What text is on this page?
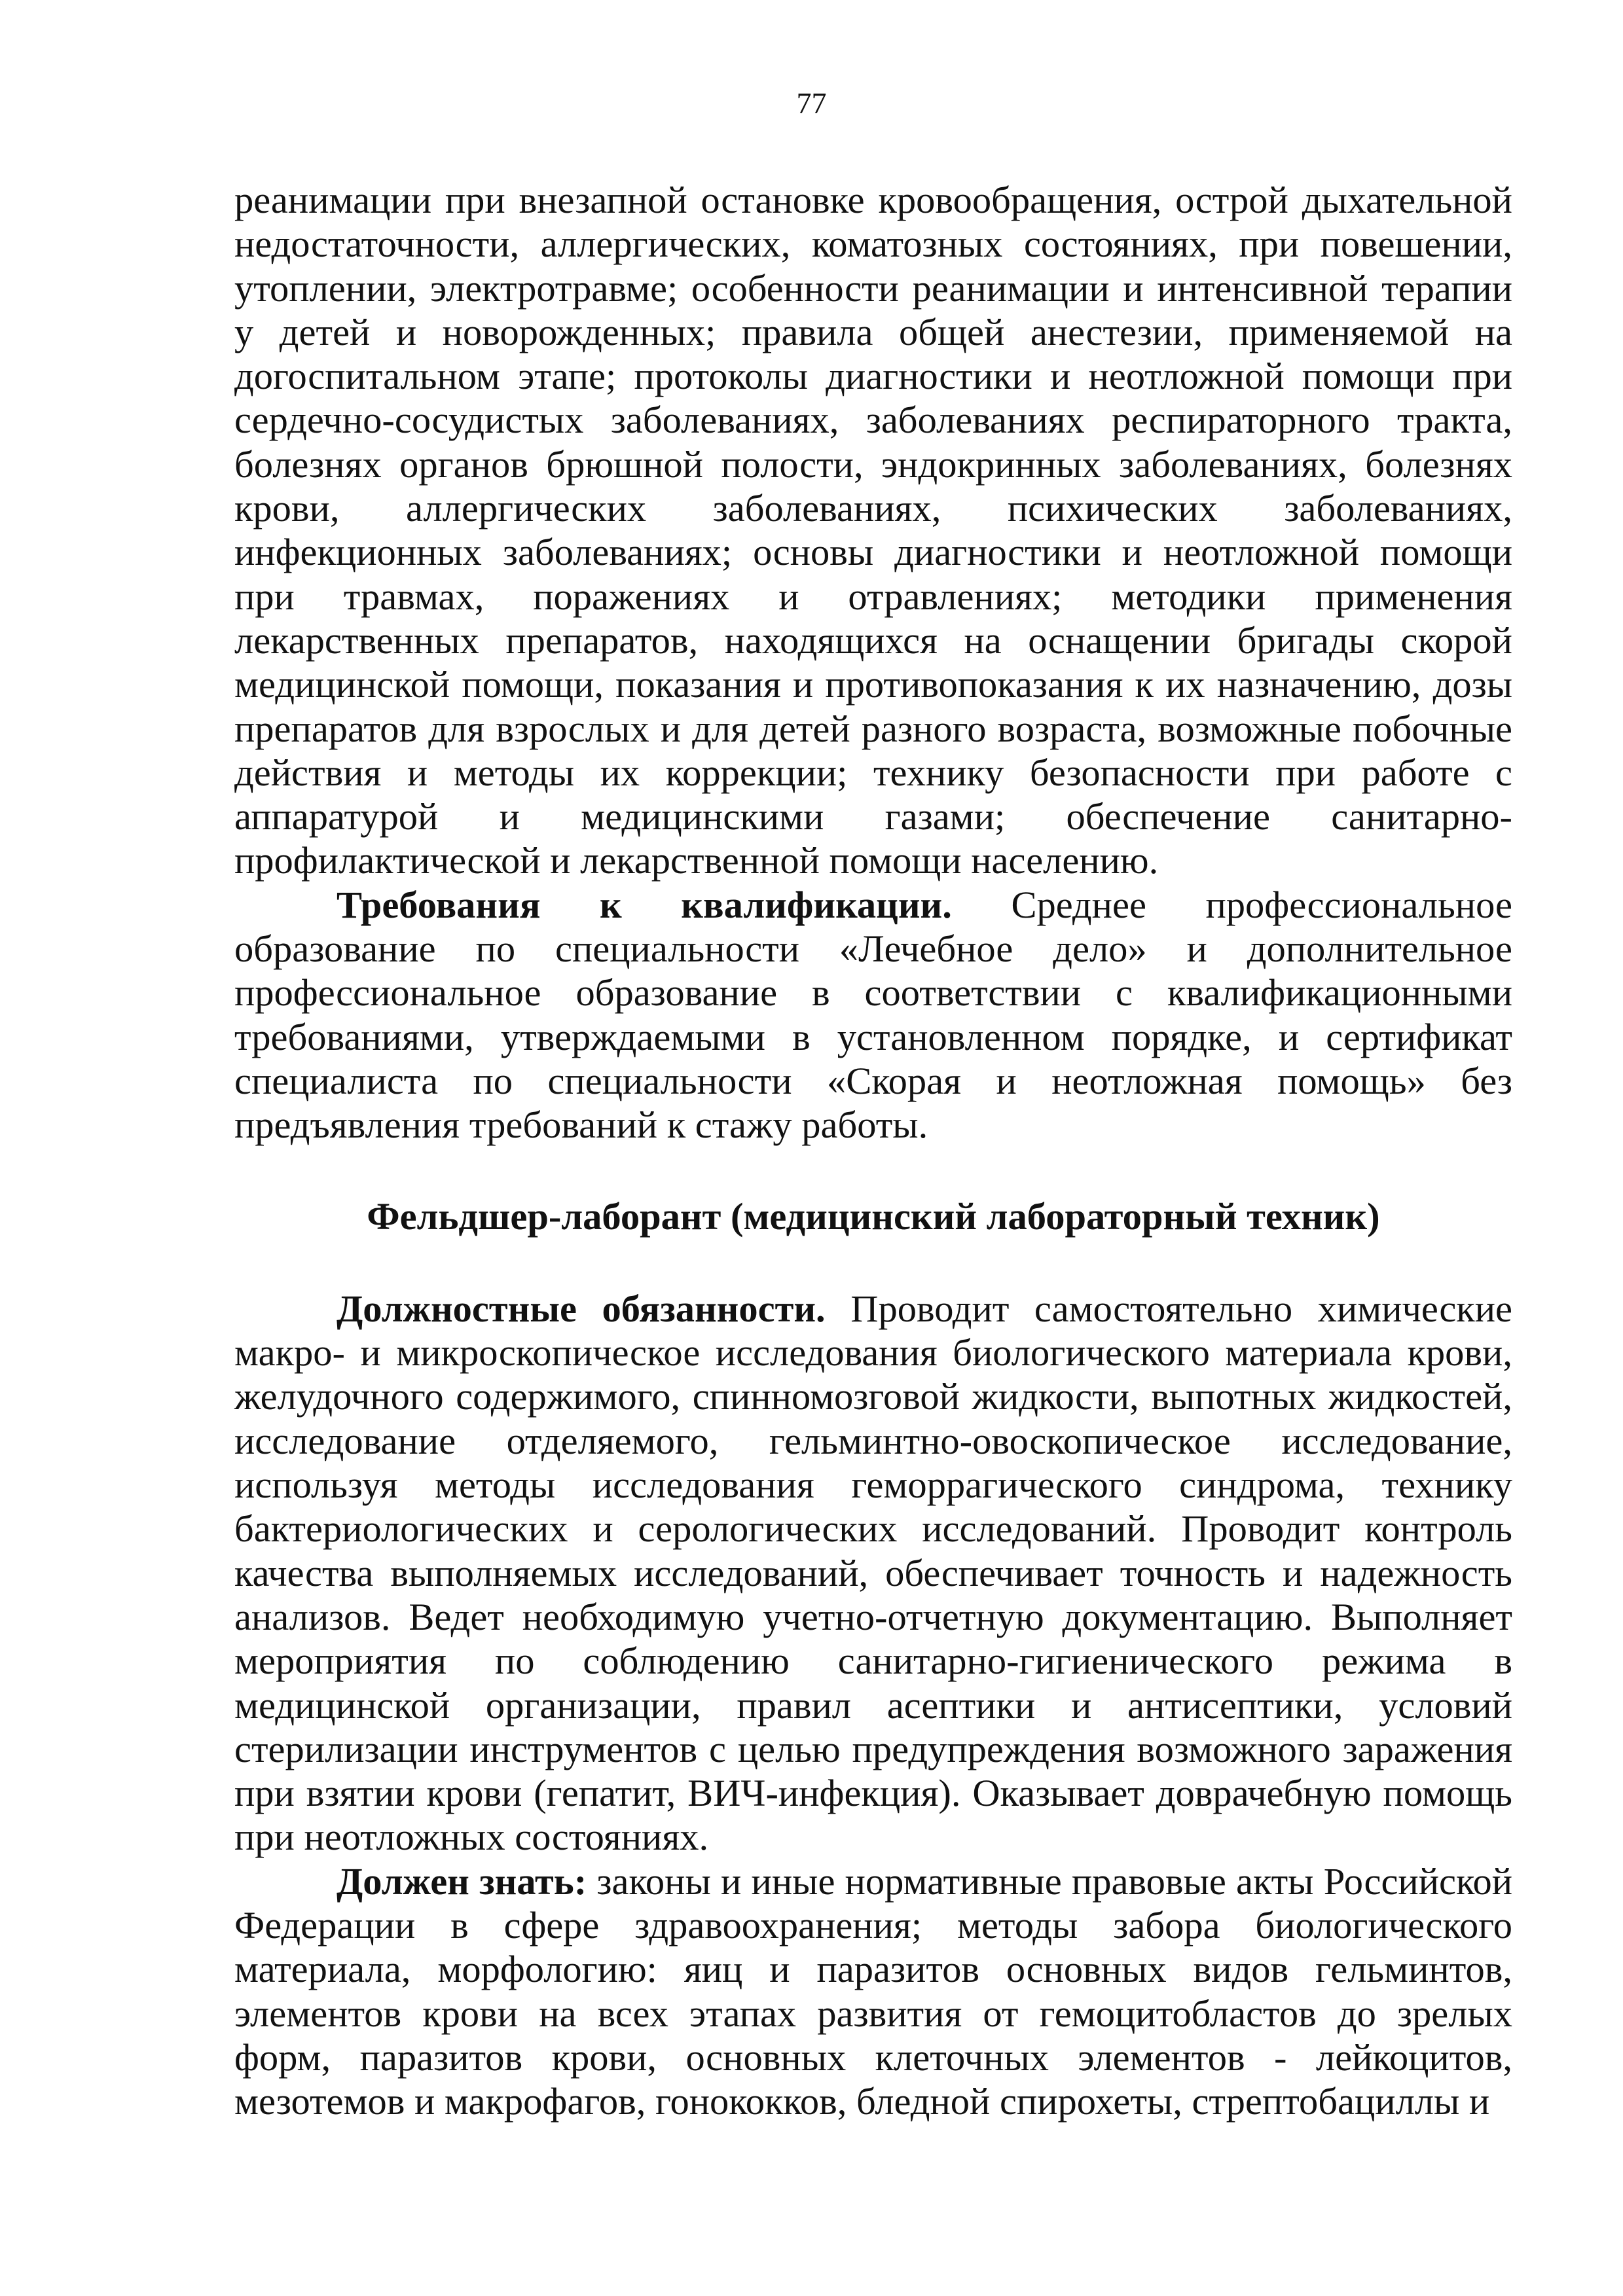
77

реанимации при внезапной остановке кровообращения, острой дыхательной недостаточности, аллергических, коматозных состояниях, при повешении, утоплении, электротравме; особенности реанимации и интенсивной терапии у детей и новорожденных; правила общей анестезии, применяемой на догоспитальном этапе; протоколы диагностики и неотложной помощи при сердечно-сосудистых заболеваниях, заболеваниях респираторного тракта, болезнях органов брюшной полости, эндокринных заболеваниях, болезнях крови, аллергических заболеваниях, психических заболеваниях, инфекционных заболеваниях; основы диагностики и неотложной помощи при травмах, поражениях и отравлениях; методики применения лекарственных препаратов, находящихся на оснащении бригады скорой медицинской помощи, показания и противопоказания к их назначению, дозы препаратов для взрослых и для детей разного возраста, возможные побочные действия и методы их коррекции; технику безопасности при работе с аппаратурой и медицинскими газами; обеспечение санитарно-профилактической и лекарственной помощи населению.

Требования к квалификации. Среднее профессиональное образование по специальности «Лечебное дело» и дополнительное профессиональное образование в соответствии с квалификационными требованиями, утверждаемыми в установленном порядке, и сертификат специалиста по специальности «Скорая и неотложная помощь» без предъявления требований к стажу работы.

Фельдшер-лаборант (медицинский лабораторный техник)

Должностные обязанности. Проводит самостоятельно химические макро- и микроскопическое исследования биологического материала крови, желудочного содержимого, спинномозговой жидкости, выпотных жидкостей, исследование отделяемого, гельминтно-овоскопическое исследование, используя методы исследования геморрагического синдрома, технику бактериологических и серологических исследований. Проводит контроль качества выполняемых исследований, обеспечивает точность и надежность анализов. Ведет необходимую учетно-отчетную документацию. Выполняет мероприятия по соблюдению санитарно-гигиенического режима в медицинской организации, правил асептики и антисептики, условий стерилизации инструментов с целью предупреждения возможного заражения при взятии крови (гепатит, ВИЧ-инфекция). Оказывает доврачебную помощь при неотложных состояниях.

Должен знать: законы и иные нормативные правовые акты Российской Федерации в сфере здравоохранения; методы забора биологического материала, морфологию: яиц и паразитов основных видов гельминтов, элементов крови на всех этапах развития от гемоцитобластов до зрелых форм, паразитов крови, основных клеточных элементов - лейкоцитов, мезотемов и макрофагов, гонококков, бледной спирохеты, стрептобациллы и
